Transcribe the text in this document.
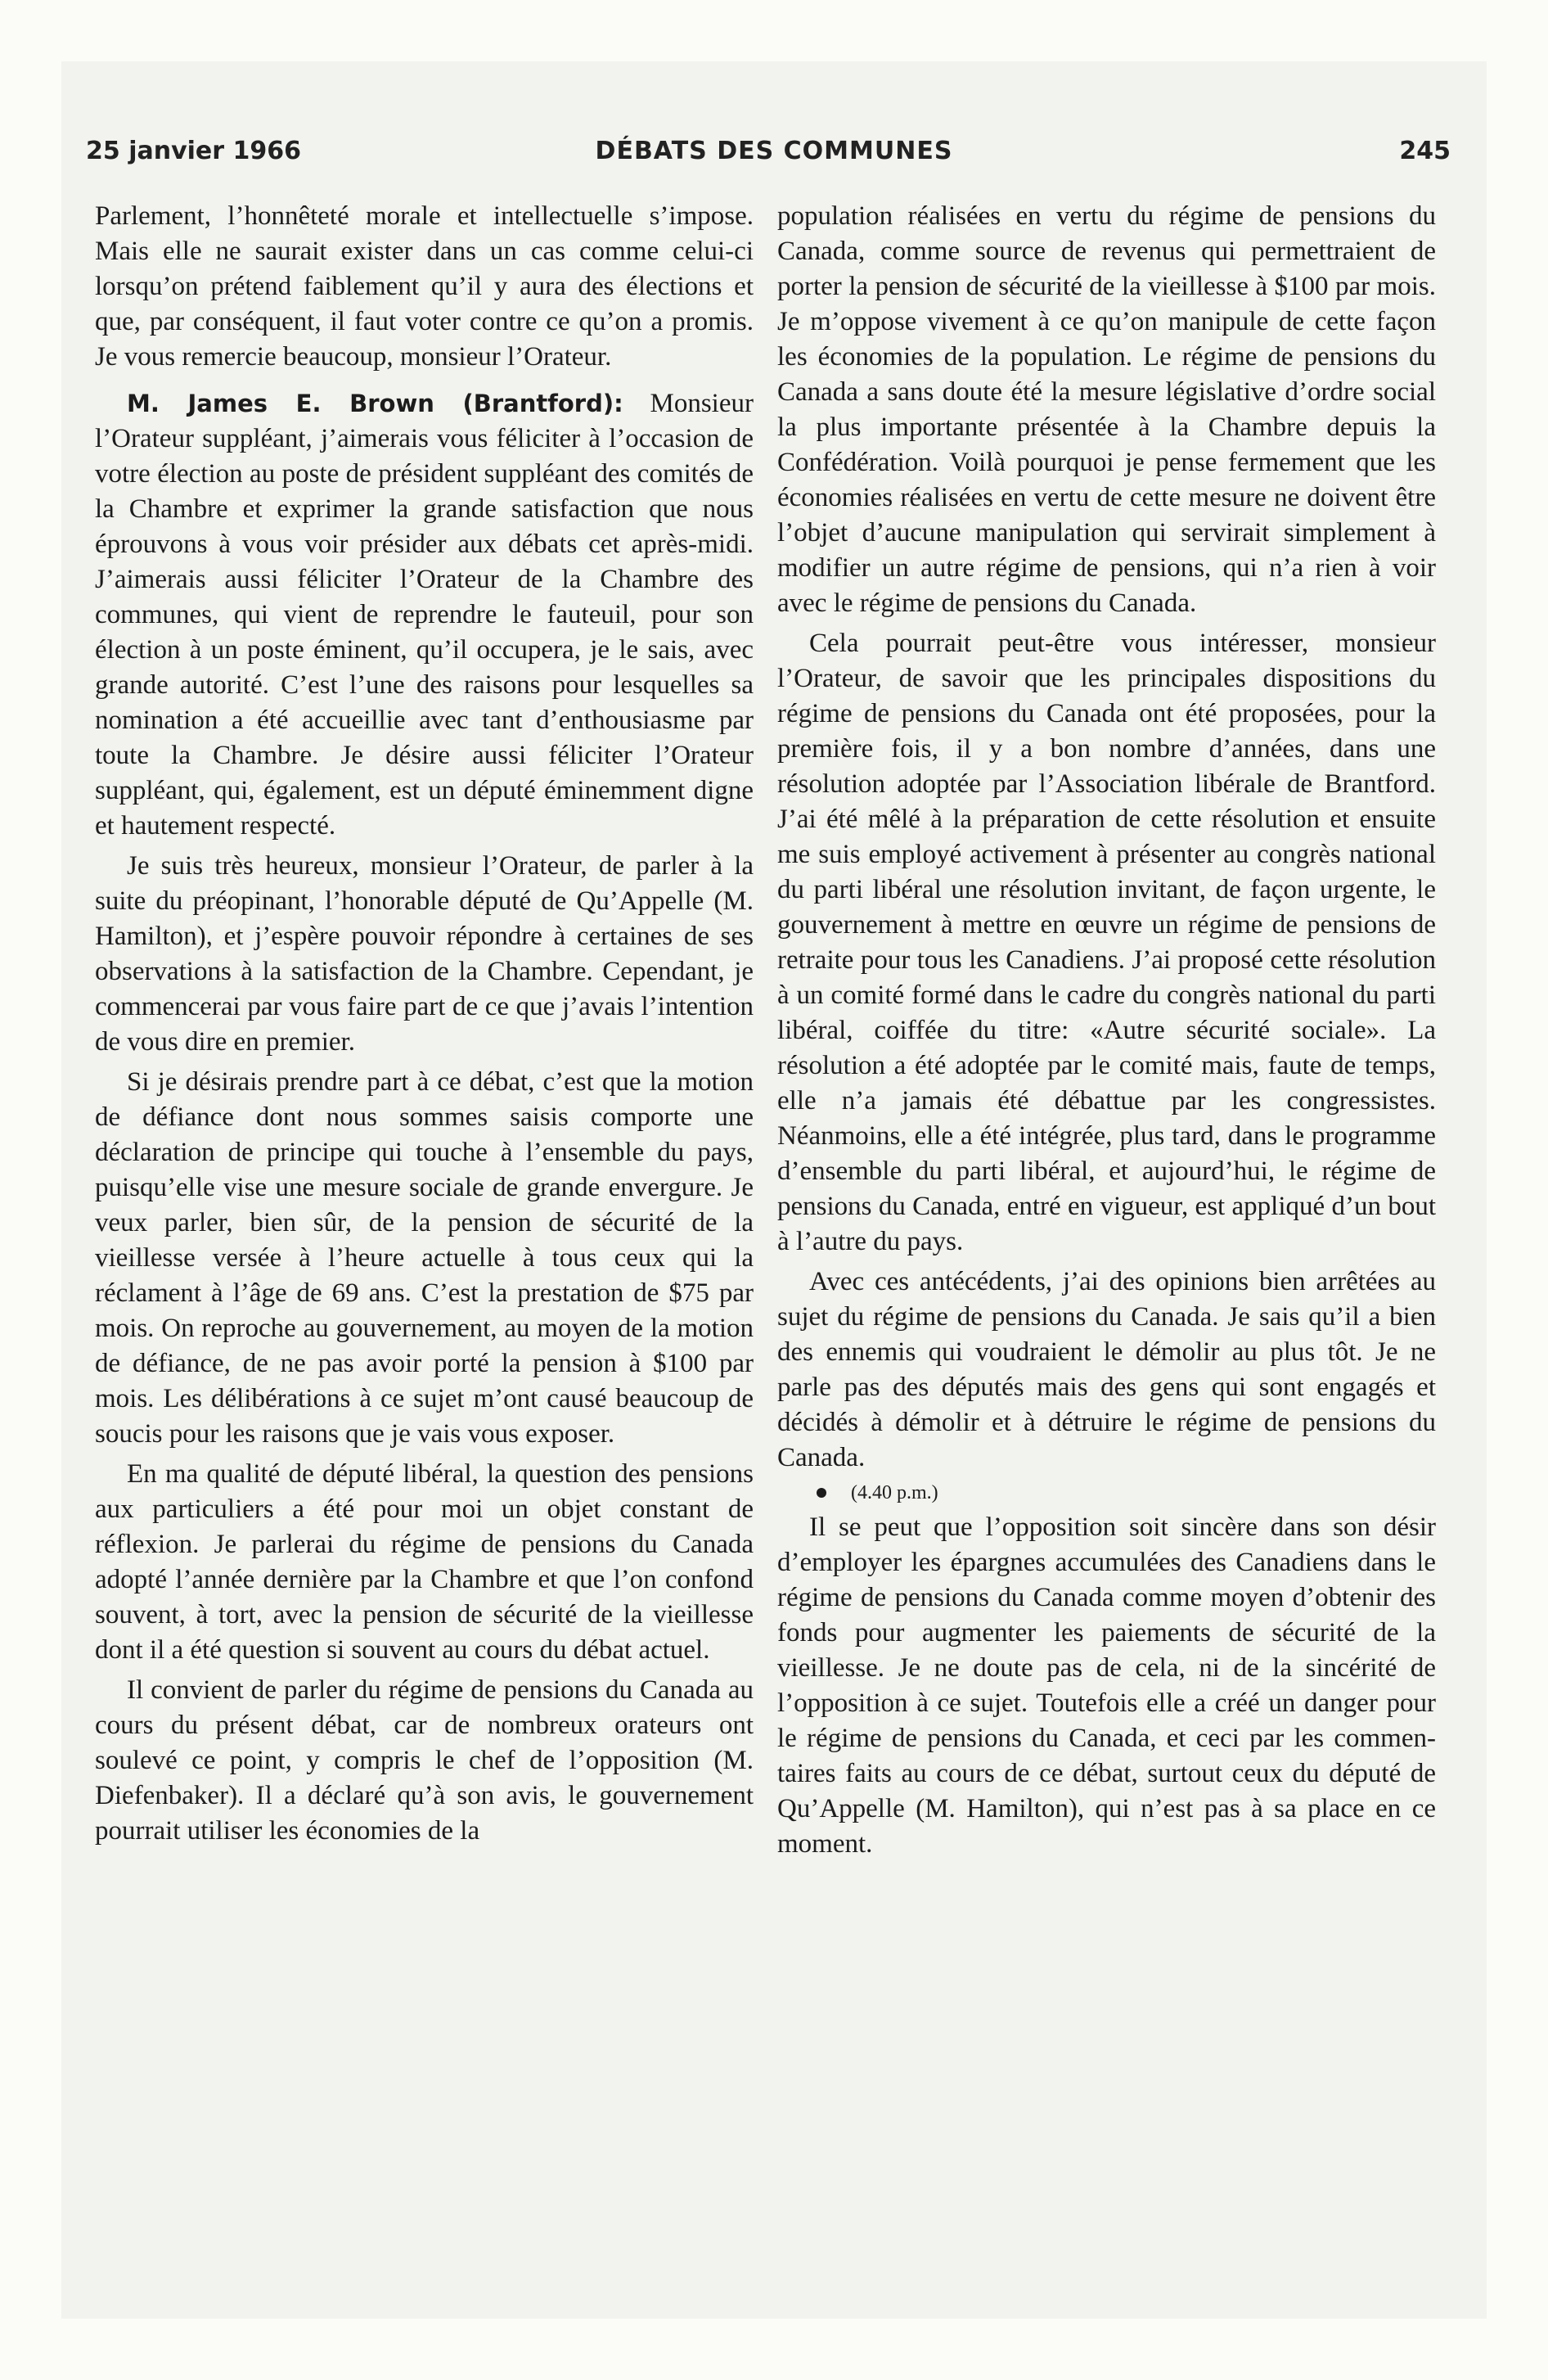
25 janvier 1966	DÉBATS DES COMMUNES	245

Parlement, l’honnêteté morale et intellectuelle s’impose. Mais elle ne saurait exister dans un cas comme celui-ci lorsqu’on prétend faiblement qu’il y aura des élections et que, par conséquent, il faut voter contre ce qu’on a promis. Je vous remercie beaucoup, monsieur l’Orateur.

M. James E. Brown (Brantford): Monsieur l’Orateur suppléant, j’aimerais vous féliciter à l’occasion de votre élection au poste de président suppléant des comités de la Chambre et exprimer la grande satisfaction que nous éprouvons à vous voir présider aux débats cet après-midi. J’aimerais aussi féliciter l’Orateur de la Chambre des communes, qui vient de reprendre le fauteuil, pour son élection à un poste éminent, qu’il occupera, je le sais, avec grande autorité. C’est l’une des raisons pour lesquelles sa nomination a été accueillie avec tant d’enthousiasme par toute la Chambre. Je désire aussi féliciter l’Orateur suppléant, qui, également, est un député éminemment digne et hautement respecté.

Je suis très heureux, monsieur l’Orateur, de parler à la suite du préopinant, l’honorable député de Qu’Appelle (M. Hamilton), et j’espère pouvoir répondre à certaines de ses observations à la satisfaction de la Chambre. Cependant, je commencerai par vous faire part de ce que j’avais l’intention de vous dire en premier.

Si je désirais prendre part à ce débat, c’est que la motion de défiance dont nous sommes saisis comporte une déclaration de principe qui touche à l’ensemble du pays, puisqu’elle vise une mesure sociale de grande envergure. Je veux parler, bien sûr, de la pension de sécurité de la vieillesse versée à l’heure actuelle à tous ceux qui la réclament à l’âge de 69 ans. C’est la prestation de $75 par mois. On reproche au gouvernement, au moyen de la motion de défiance, de ne pas avoir porté la pension à $100 par mois. Les délibérations à ce sujet m’ont causé beaucoup de soucis pour les raisons que je vais vous exposer.

En ma qualité de député libéral, la question des pensions aux particuliers a été pour moi un objet constant de réflexion. Je parlerai du régime de pensions du Canada adopté l’année dernière par la Chambre et que l’on confond souvent, à tort, avec la pension de sécurité de la vieillesse dont il a été question si souvent au cours du débat actuel.

Il convient de parler du régime de pensions du Canada au cours du présent débat, car de nombreux orateurs ont soulevé ce point, y compris le chef de l’opposition (M. Diefenbaker). Il a déclaré qu’à son avis, le gouvernement pourrait utiliser les économies de la

population réalisées en vertu du régime de pensions du Canada, comme source de revenus qui permettraient de porter la pension de sécurité de la vieillesse à $100 par mois. Je m’oppose vivement à ce qu’on manipule de cette façon les économies de la population. Le régime de pensions du Canada a sans doute été la mesure législative d’ordre social la plus importante présentée à la Chambre depuis la Confédération. Voilà pourquoi je pense fermement que les économies réalisées en vertu de cette mesure ne doivent être l’objet d’aucune manipulation qui servirait simplement à modifier un autre régime de pensions, qui n’a rien à voir avec le régime de pensions du Canada.

Cela pourrait peut-être vous intéresser, monsieur l’Orateur, de savoir que les principales dispositions du régime de pensions du Canada ont été proposées, pour la première fois, il y a bon nombre d’années, dans une résolution adoptée par l’Association libérale de Brantford. J’ai été mêlé à la préparation de cette résolution et ensuite me suis employé activement à présenter au congrès national du parti libéral une résolution invitant, de façon urgente, le gouvernement à mettre en œuvre un régime de pensions de retraite pour tous les Canadiens. J’ai proposé cette résolution à un comité formé dans le cadre du congrès national du parti libéral, coiffée du titre: «Autre sécurité sociale». La résolution a été adoptée par le comité mais, faute de temps, elle n’a jamais été débattue par les congressistes. Néanmoins, elle a été intégrée, plus tard, dans le programme d’ensemble du parti libéral, et aujourd’hui, le régime de pensions du Canada, entré en vigueur, est appliqué d’un bout à l’autre du pays.

Avec ces antécédents, j’ai des opinions bien arrêtées au sujet du régime de pensions du Canada. Je sais qu’il a bien des ennemis qui voudraient le démolir au plus tôt. Je ne parle pas des députés mais des gens qui sont engagés et décidés à démolir et à détruire le régime de pensions du Canada.

(4.40 p.m.)

Il se peut que l’opposition soit sincère dans son désir d’employer les épargnes accumulées des Canadiens dans le régime de pensions du Canada comme moyen d’obtenir des fonds pour augmenter les paiements de sécurité de la vieillesse. Je ne doute pas de cela, ni de la sincérité de l’opposition à ce sujet. Toutefois elle a créé un danger pour le régime de pensions du Canada, et ceci par les commentaires faits au cours de ce débat, surtout ceux du député de Qu’Appelle (M. Hamilton), qui n’est pas à sa place en ce moment.
